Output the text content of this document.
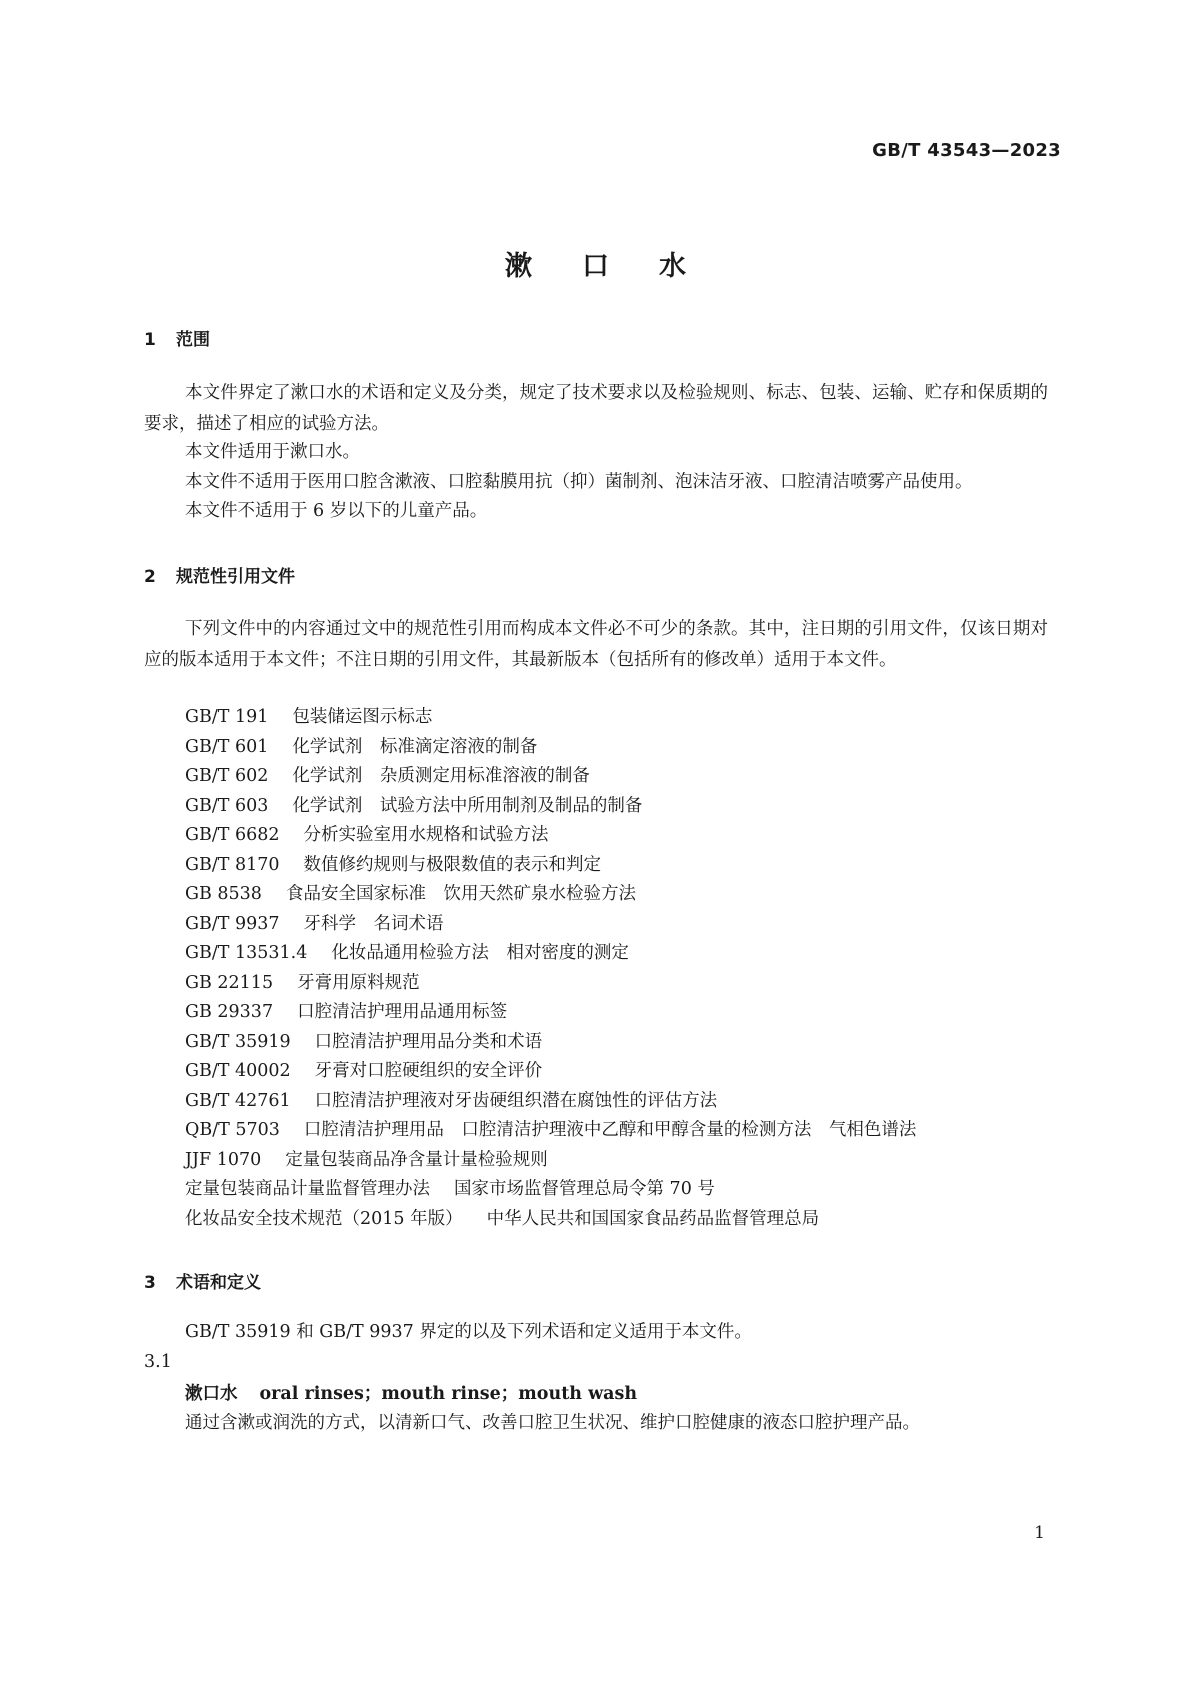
GB/T 43543—2023
漱口水
1 范围
本文件界定了漱口水的术语和定义及分类，规定了技术要求以及检验规则、标志、包装、运输、贮存和保质期的要求，描述了相应的试验方法。
本文件适用于漱口水。
本文件不适用于医用口腔含漱液、口腔黏膜用抗（抑）菌制剂、泡沫洁牙液、口腔清洁喷雾产品使用。
本文件不适用于 6 岁以下的儿童产品。
2 规范性引用文件
下列文件中的内容通过文中的规范性引用而构成本文件必不可少的条款。其中，注日期的引用文件，仅该日期对应的版本适用于本文件；不注日期的引用文件，其最新版本（包括所有的修改单）适用于本文件。
GB/T 191 包装储运图示标志
GB/T 601 化学试剂　标准滴定溶液的制备
GB/T 602 化学试剂　杂质测定用标准溶液的制备
GB/T 603 化学试剂　试验方法中所用制剂及制品的制备
GB/T 6682 分析实验室用水规格和试验方法
GB/T 8170 数值修约规则与极限数值的表示和判定
GB 8538 食品安全国家标准　饮用天然矿泉水检验方法
GB/T 9937 牙科学　名词术语
GB/T 13531.4 化妆品通用检验方法　相对密度的测定
GB 22115 牙膏用原料规范
GB 29337 口腔清洁护理用品通用标签
GB/T 35919 口腔清洁护理用品分类和术语
GB/T 40002 牙膏对口腔硬组织的安全评价
GB/T 42761 口腔清洁护理液对牙齿硬组织潜在腐蚀性的评估方法
QB/T 5703 口腔清洁护理用品　口腔清洁护理液中乙醇和甲醇含量的检测方法　气相色谱法
JJF 1070 定量包装商品净含量计量检验规则
定量包装商品计量监督管理办法 国家市场监督管理总局令第 70 号
化妆品安全技术规范（2015 年版） 中华人民共和国国家食品药品监督管理总局
3 术语和定义
GB/T 35919 和 GB/T 9937 界定的以及下列术语和定义适用于本文件。
3.1
漱口水 oral rinses；mouth rinse；mouth wash
通过含漱或润洗的方式，以清新口气、改善口腔卫生状况、维护口腔健康的液态口腔护理产品。
1
